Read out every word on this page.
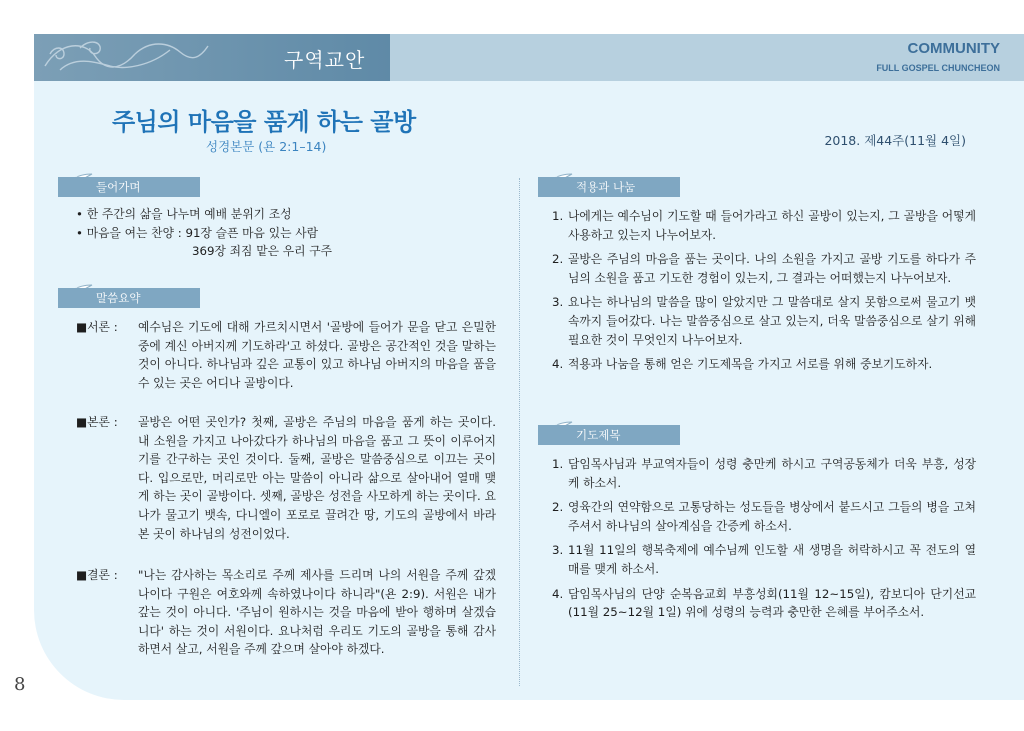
구역교안	COMMUNITY
FULL GOSPEL CHUNCHEON
주님의 마음을 품게 하는 골방
성경본문 (욘 2:1–14)	2018. 제44주(11월 4일)
들어가며
• 한 주간의 삶을 나누며 예배 분위기 조성
• 마음을 여는 찬양 : 91장 슬픈 마음 있는 사람
369장 죄짐 맡은 우리 구주
말씀요약
■서론 :	예수님은 기도에 대해 가르치시면서 '골방에 들어가 문을 닫고 은밀한 중에 계신 아버지께 기도하라'고 하셨다. 골방은 공간적인 것을 말하는 것이 아니다. 하나님과 깊은 교통이 있고 하나님 아버지의 마음을 품을 수 있는 곳은 어디나 골방이다.
■본론 :	골방은 어떤 곳인가? 첫째, 골방은 주님의 마음을 품게 하는 곳이다. 내 소원을 가지고 나아갔다가 하나님의 마음을 품고 그 뜻이 이루어지기를 간구하는 곳인 것이다. 둘째, 골방은 말씀중심으로 이끄는 곳이다. 입으로만, 머리로만 아는 말씀이 아니라 삶으로 살아내어 열매 맺게 하는 곳이 골방이다. 셋째, 골방은 성전을 사모하게 하는 곳이다. 요나가 물고기 뱃속, 다니엘이 포로로 끌려간 땅, 기도의 골방에서 바라본 곳이 하나님의 성전이었다.
■결론 :	"나는 감사하는 목소리로 주께 제사를 드리며 나의 서원을 주께 갚겠나이다 구원은 여호와께 속하였나이다 하니라"(욘 2:9). 서원은 내가 갚는 것이 아니다. '주님이 원하시는 것을 마음에 받아 행하며 살겠습니다' 하는 것이 서원이다. 요나처럼 우리도 기도의 골방을 통해 감사하면서 살고, 서원을 주께 갚으며 살아야 하겠다.
적용과 나눔
1. 나에게는 예수님이 기도할 때 들어가라고 하신 골방이 있는지, 그 골방을 어떻게 사용하고 있는지 나누어보자.
2. 골방은 주님의 마음을 품는 곳이다. 나의 소원을 가지고 골방 기도를 하다가 주님의 소원을 품고 기도한 경험이 있는지, 그 결과는 어떠했는지 나누어보자.
3. 요나는 하나님의 말씀을 많이 알았지만 그 말씀대로 살지 못함으로써 물고기 뱃속까지 들어갔다. 나는 말씀중심으로 살고 있는지, 더욱 말씀중심으로 살기 위해 필요한 것이 무엇인지 나누어보자.
4. 적용과 나눔을 통해 얻은 기도제목을 가지고 서로를 위해 중보기도하자.
기도제목
1. 담임목사님과 부교역자들이 성령 충만케 하시고 구역공동체가 더욱 부흥, 성장케 하소서.
2. 영육간의 연약함으로 고통당하는 성도들을 병상에서 붙드시고 그들의 병을 고쳐주셔서 하나님의 살아계심을 간증케 하소서.
3. 11월 11일의 행복축제에 예수님께 인도할 새 생명을 허락하시고 꼭 전도의 열매를 맺게 하소서.
4. 담임목사님의 단양 순복음교회 부흥성회(11월 12~15일), 캄보디아 단기선교(11월 25~12월 1일) 위에 성령의 능력과 충만한 은혜를 부어주소서.
8
